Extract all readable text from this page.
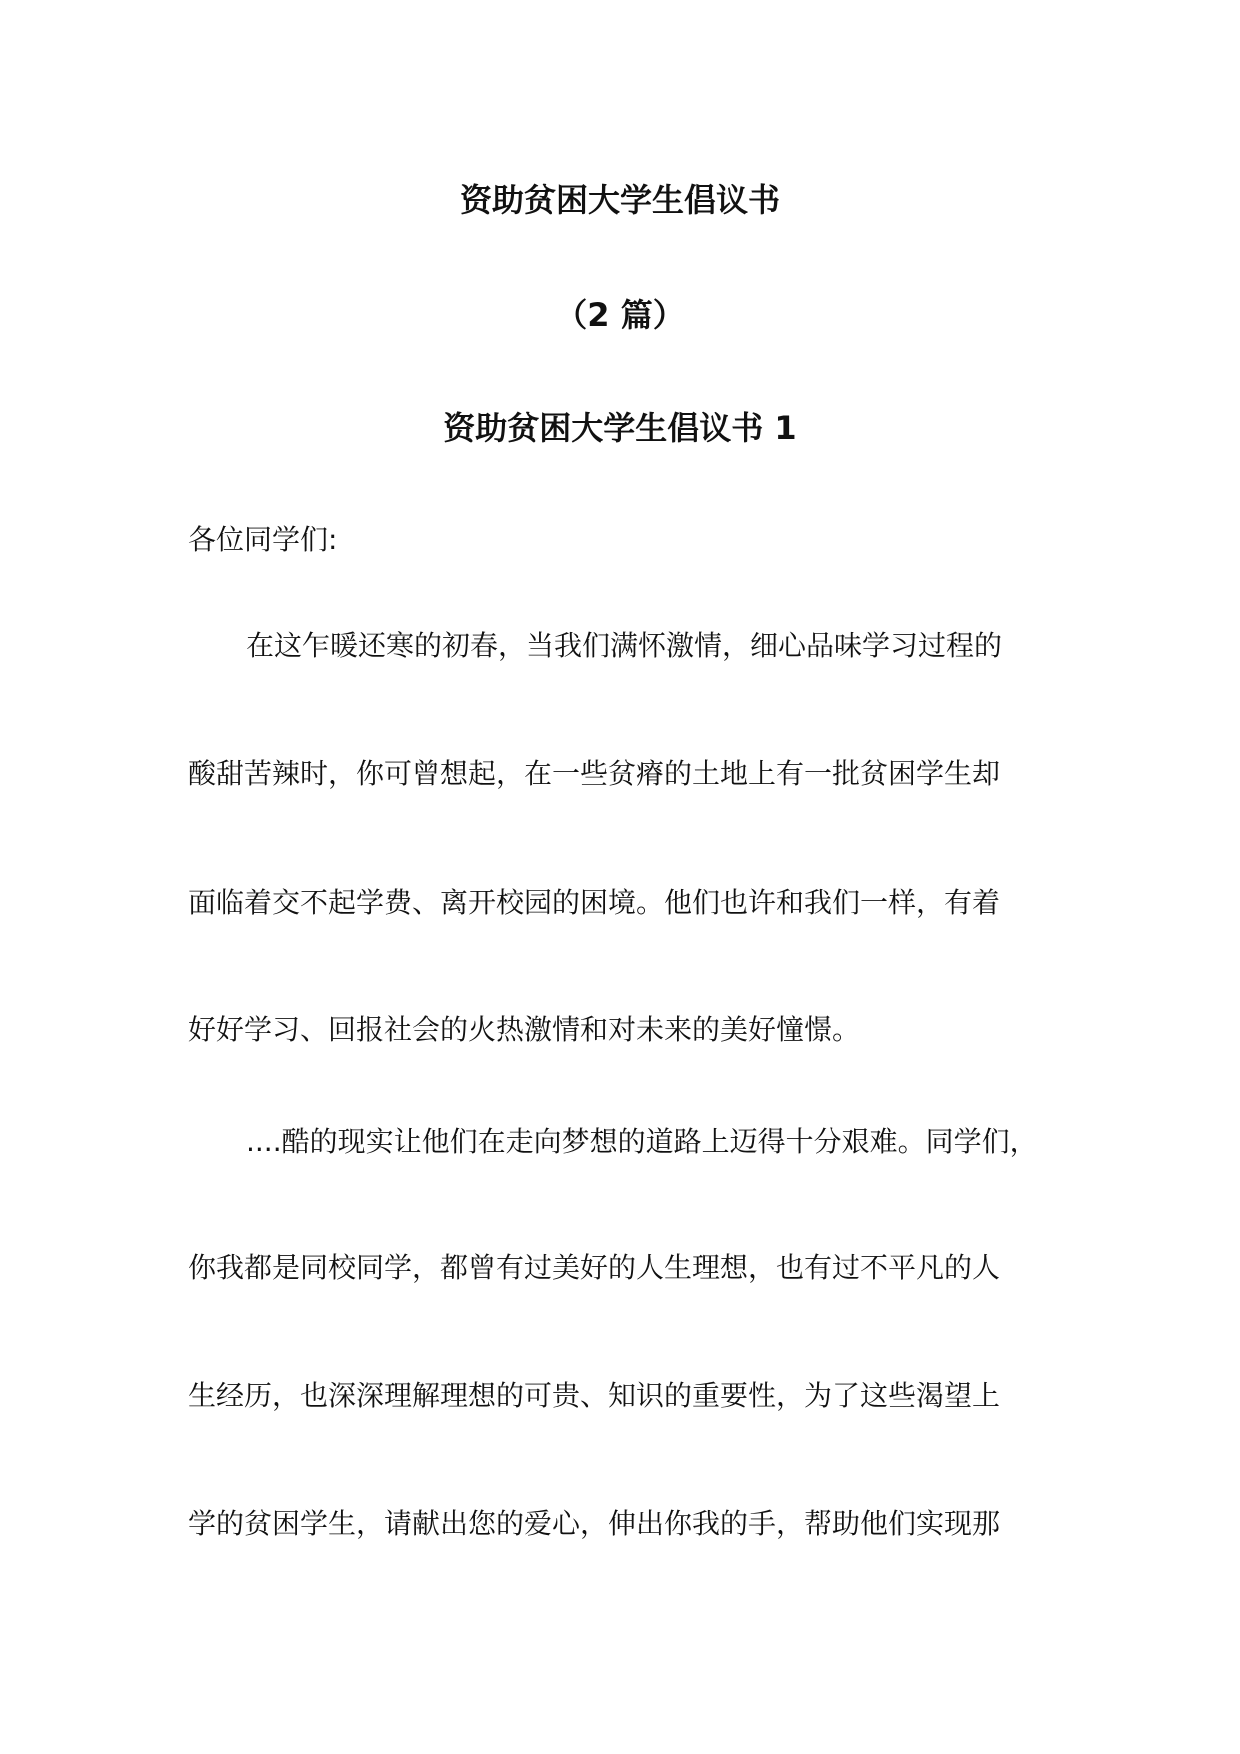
资助贫困大学生倡议书
（2 篇）
资助贫困大学生倡议书 1

各位同学们:

在这乍暖还寒的初春，当我们满怀激情，细心品味学习过程的

酸甜苦辣时，你可曾想起，在一些贫瘠的土地上有一批贫困学生却

面临着交不起学费、离开校园的困境。他们也许和我们一样，有着

好好学习、回报社会的火热激情和对未来的美好憧憬。

....酷的现实让他们在走向梦想的道路上迈得十分艰难。同学们，

你我都是同校同学，都曾有过美好的人生理想，也有过不平凡的人

生经历，也深深理解理想的可贵、知识的重要性，为了这些渴望上

学的贫困学生，请献出您的爱心，伸出你我的手，帮助他们实现那
